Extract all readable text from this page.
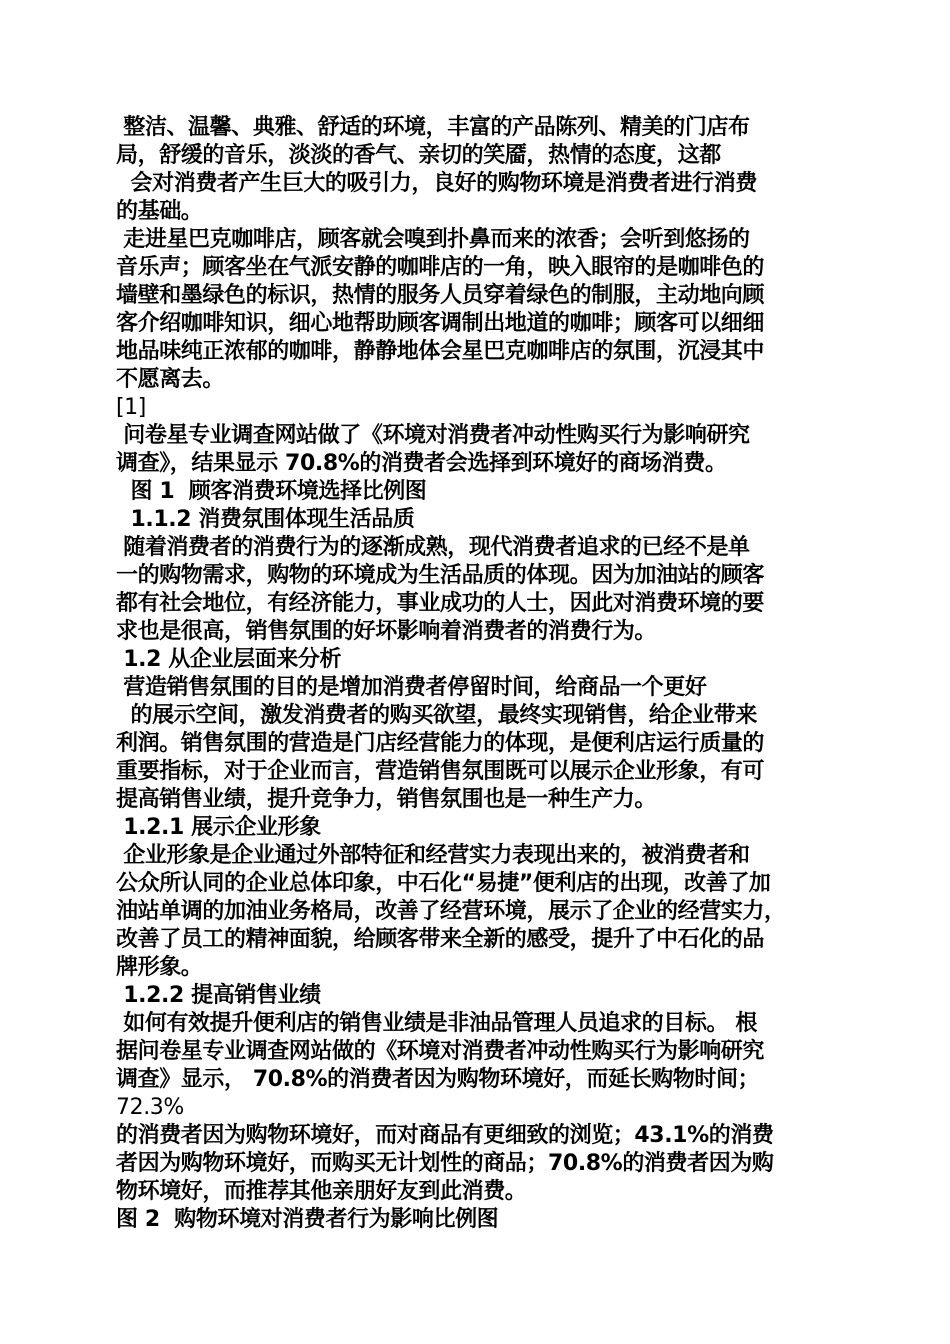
整洁、温馨、典雅、舒适的环境，丰富的产品陈列、精美的门店布
局，舒缓的音乐，淡淡的香气、亲切的笑靥，热情的态度，这都
会对消费者产生巨大的吸引力，良好的购物环境是消费者进行消费
的基础。
走进星巴克咖啡店，顾客就会嗅到扑鼻而来的浓香；会听到悠扬的
音乐声；顾客坐在气派安静的咖啡店的一角，映入眼帘的是咖啡色的
墙壁和墨绿色的标识，热情的服务人员穿着绿色的制服，主动地向顾
客介绍咖啡知识，细心地帮助顾客调制出地道的咖啡；顾客可以细细
地品味纯正浓郁的咖啡，静静地体会星巴克咖啡店的氛围，沉浸其中
不愿离去。
[1]
问卷星专业调查网站做了《环境对消费者冲动性购买行为影响研究
调查》，结果显示 70.8%的消费者会选择到环境好的商场消费。
图 1  顾客消费环境选择比例图
1.1.2 消费氛围体现生活品质
随着消费者的消费行为的逐渐成熟，现代消费者追求的已经不是单
一的购物需求，购物的环境成为生活品质的体现。因为加油站的顾客
都有社会地位，有经济能力，事业成功的人士，因此对消费环境的要
求也是很高，销售氛围的好坏影响着消费者的消费行为。
1.2 从企业层面来分析
营造销售氛围的目的是增加消费者停留时间，给商品一个更好
的展示空间，激发消费者的购买欲望，最终实现销售，给企业带来
利润。销售氛围的营造是门店经营能力的体现，是便利店运行质量的
重要指标，对于企业而言，营造销售氛围既可以展示企业形象，有可
提高销售业绩，提升竞争力，销售氛围也是一种生产力。
1.2.1 展示企业形象
企业形象是企业通过外部特征和经营实力表现出来的，被消费者和
公众所认同的企业总体印象，中石化“易捷”便利店的出现，改善了加
油站单调的加油业务格局，改善了经营环境，展示了企业的经营实力，
改善了员工的精神面貌，给顾客带来全新的感受，提升了中石化的品
牌形象。
1.2.2 提高销售业绩
如何有效提升便利店的销售业绩是非油品管理人员追求的目标。 根
据问卷星专业调查网站做的《环境对消费者冲动性购买行为影响研究
调查》显示， 70.8%的消费者因为购物环境好，而延长购物时间；
72.3%
的消费者因为购物环境好，而对商品有更细致的浏览；43.1%的消费
者因为购物环境好，而购买无计划性的商品；70.8%的消费者因为购
物环境好，而推荐其他亲朋好友到此消费。
图 2  购物环境对消费者行为影响比例图
